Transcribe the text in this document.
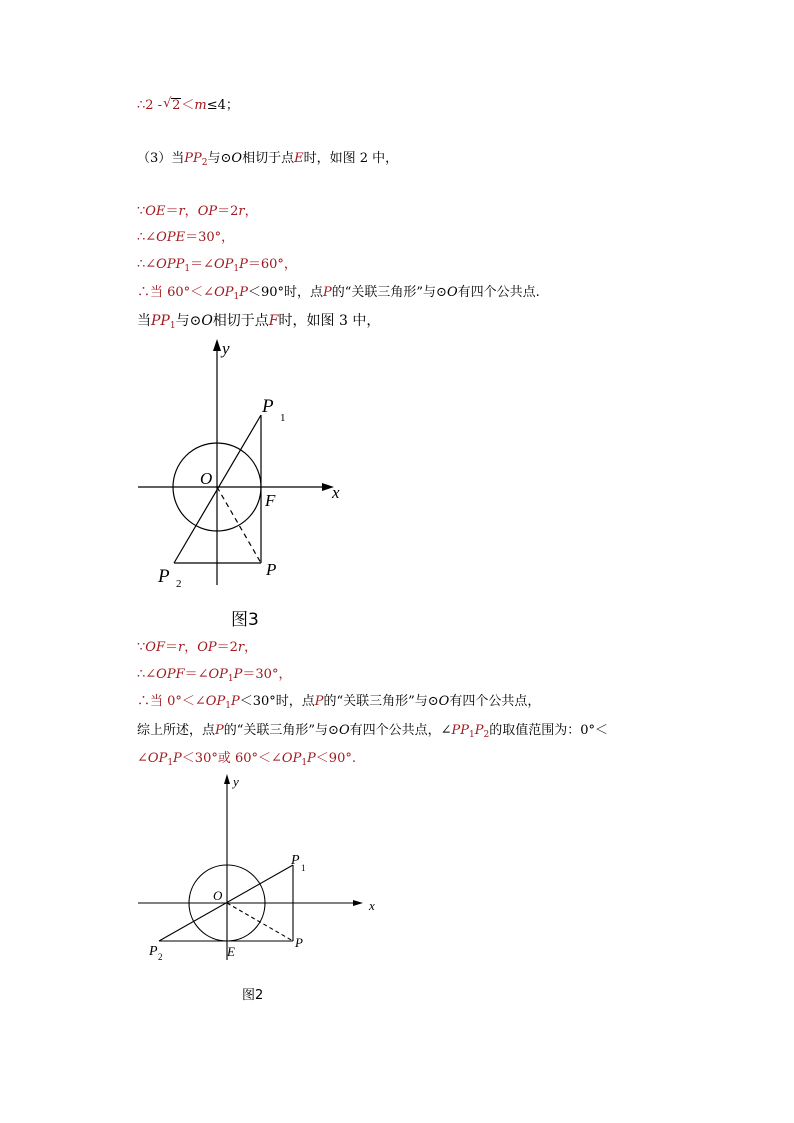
∴2 -√ 2＜m≤4；
（3）当$PP_2$与⊙O相切于点E时，如图 2 中，
∵OE＝r，OP＝2r，
∴∠OPE＝30°，
$\therefore\angle OPP_1=\angle OP_1P=60^\circ$，
∴当 $60^\circ<\angle OP_1P<90^\circ$时，点P的“关联三角形”与⊙O有四个公共点.
当$PP_1$与⊙O相切于点F时，如图 3 中，
y
x
O
F
P
P
1
P 2
图3
∵OF＝r，OP＝2r，
$\therefore\angle OPF=\angle OP_1P=30^\circ$，
∴当 $0^\circ<\angle OP_1P<30^\circ$时，点P的“关联三角形”与⊙O有四个公共点，
综上所述，点P的“关联三角形”与⊙O有四个公共点，$\angle PP_1P_2$的取值范围为：0°＜
$\angle OP_1P<30^\circ$或 $60^\circ<\angle OP_1P<90^\circ$.
y
x
O
E
P
P 1
P 2
图2
